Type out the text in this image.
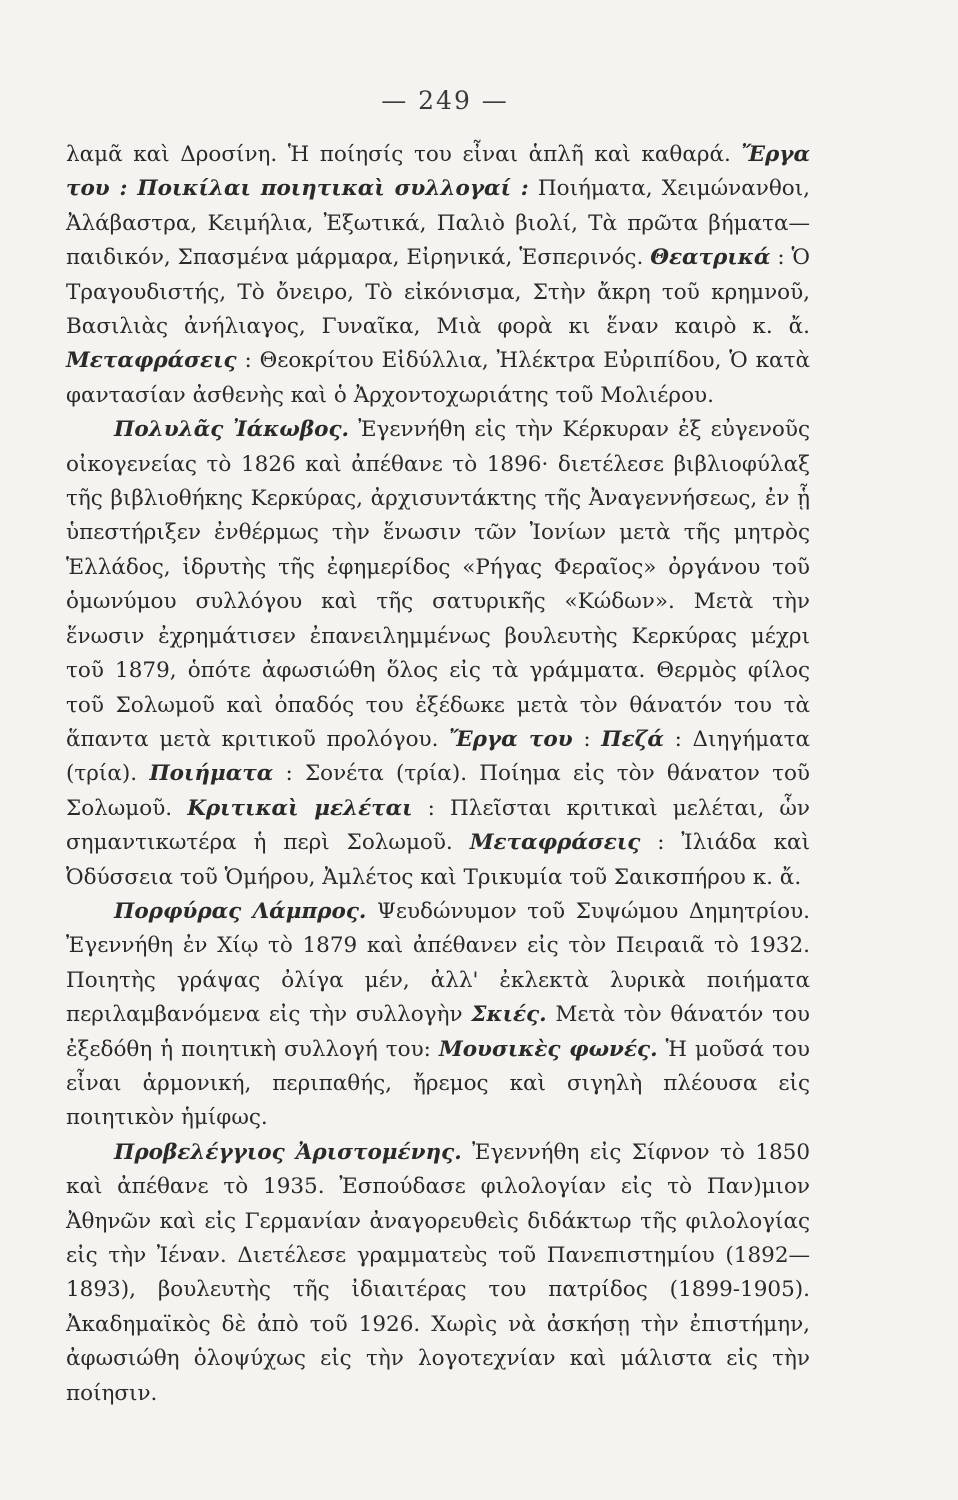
— 249 —

λαμᾶ καὶ Δροσίνη. Ἡ ποίησίς του εἶναι ἁπλῆ καὶ καθαρά. Ἔργα του : Ποικίλαι ποιητικαὶ συλλογαί : Ποιήματα, Χειμώνανθοι, Ἀλάβαστρα, Κειμήλια, Ἐξωτικά, Παλιὸ βιολί, Τὰ πρῶτα βήματα—παιδικόν, Σπασμένα μάρμαρα, Εἰρηνικά, Ἑσπερινός. Θεατρικά : Ὁ Τραγουδιστής, Τὸ ὄνειρο, Τὸ εἰκόνισμα, Στὴν ἄκρη τοῦ κρημνοῦ, Βασιλιὰς ἀνήλιαγος, Γυναῖκα, Μιὰ φορὰ κι ἕναν καιρὸ κ. ἄ. Μεταφράσεις : Θεοκρίτου Εἰδύλλια, Ἠλέκτρα Εὐριπίδου, Ὁ κατὰ φαντασίαν ἀσθενὴς καὶ ὁ Ἀρχοντοχωριάτης τοῦ Μολιέρου.

Πολυλᾶς Ἰάκωβος. Ἐγεννήθη εἰς τὴν Κέρκυραν ἐξ εὐγενοῦς οἰκογενείας τὸ 1826 καὶ ἀπέθανε τὸ 1896· διετέλεσε βιβλιοφύλαξ τῆς βιβλιοθήκης Κερκύρας, ἀρχισυντάκτης τῆς Ἀναγεννήσεως, ἐν ᾗ ὑπεστήριξεν ἐνθέρμως τὴν ἕνωσιν τῶν Ἰονίων μετὰ τῆς μητρὸς Ἑλλάδος, ἱδρυτὴς τῆς ἐφημερίδος «Ρήγας Φεραῖος» ὀργάνου τοῦ ὁμωνύμου συλλόγου καὶ τῆς σατυρικῆς «Κώδων». Μετὰ τὴν ἕνωσιν ἐχρημάτισεν ἐπανειλημμένως βουλευτὴς Κερκύρας μέχρι τοῦ 1879, ὁπότε ἀφωσιώθη ὅλος εἰς τὰ γράμματα. Θερμὸς φίλος τοῦ Σολωμοῦ καὶ ὀπαδός του ἐξέδωκε μετὰ τὸν θάνατόν του τὰ ἅπαντα μετὰ κριτικοῦ προλόγου. Ἔργα του : Πεζά : Διηγήματα (τρία). Ποιήματα : Σονέτα (τρία). Ποίημα εἰς τὸν θάνατον τοῦ Σολωμοῦ. Κριτικαὶ μελέται : Πλεῖσται κριτικαὶ μελέται, ὧν σημαντικωτέρα ἡ περὶ Σολωμοῦ. Μεταφράσεις : Ἰλιάδα καὶ Ὀδύσσεια τοῦ Ὁμήρου, Ἀμλέτος καὶ Τρικυμία τοῦ Σαικσπήρου κ. ἄ.

Πορφύρας Λάμπρος. Ψευδώνυμον τοῦ Συψώμου Δημητρίου. Ἐγεννήθη ἐν Χίῳ τὸ 1879 καὶ ἀπέθανεν εἰς τὸν Πειραιᾶ τὸ 1932. Ποιητὴς γράψας ὀλίγα μέν, ἀλλ' ἐκλεκτὰ λυρικὰ ποιήματα περιλαμβανόμενα εἰς τὴν συλλογὴν Σκιές. Μετὰ τὸν θάνατόν του ἐξεδόθη ἡ ποιητικὴ συλλογή του: Μουσικὲς φωνές. Ἡ μοῦσά του εἶναι ἁρμονική, περιπαθής, ἤρεμος καὶ σιγηλὴ πλέουσα εἰς ποιητικὸν ἡμίφως.

Προβελέγγιος Ἀριστομένης. Ἐγεννήθη εἰς Σίφνον τὸ 1850 καὶ ἀπέθανε τὸ 1935. Ἐσπούδασε φιλολογίαν εἰς τὸ Παν)μιον Ἀθηνῶν καὶ εἰς Γερμανίαν ἀναγορευθεὶς διδάκτωρ τῆς φιλολογίας εἰς τὴν Ἰέναν. Διετέλεσε γραμματεὺς τοῦ Πανεπιστημίου (1892—1893), βουλευτὴς τῆς ἰδιαιτέρας του πατρίδος (1899-1905). Ἀκαδημαϊκὸς δὲ ἀπὸ τοῦ 1926. Χωρὶς νὰ ἀσκήσῃ τὴν ἐπιστήμην, ἀφωσιώθη ὁλοψύχως εἰς τὴν λογοτεχνίαν καὶ μάλιστα εἰς τὴν ποίησιν.
